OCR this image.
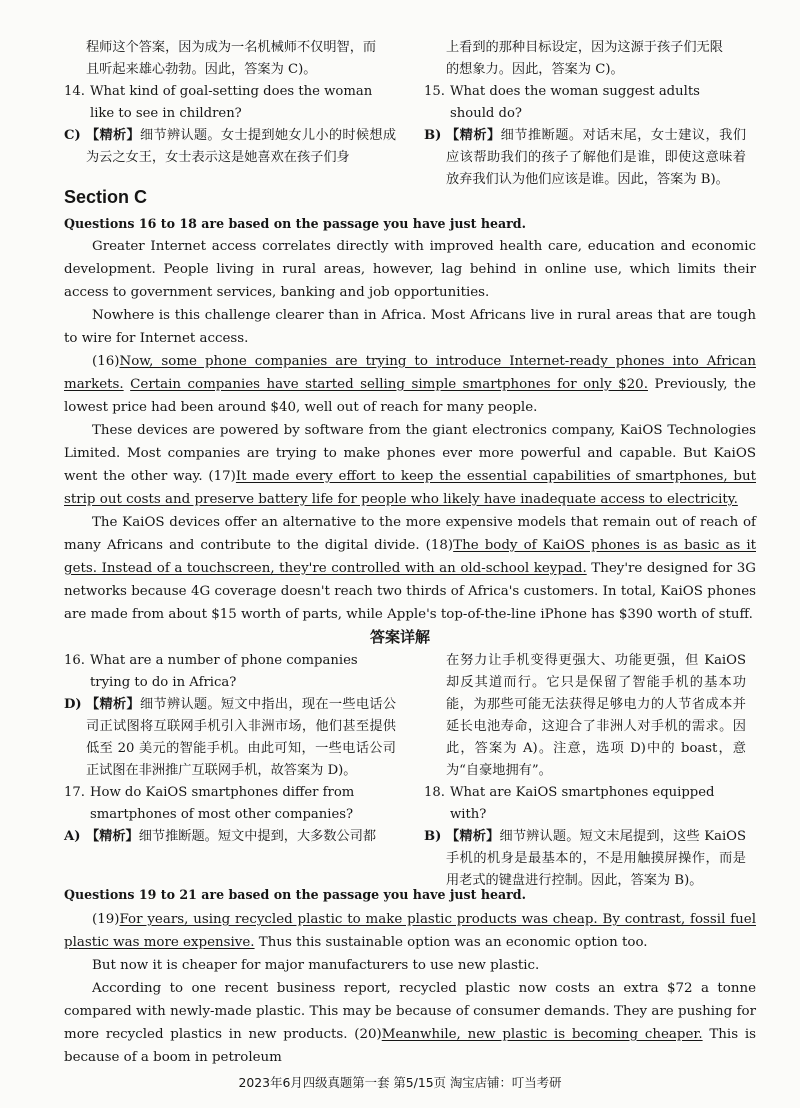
程师这个答案，因为成为一名机械师不仅明智，而

且听起来雄心勃勃。因此，答案为 C)。

14. What kind of goal-setting does the woman like to see in children?
C) 【精析】细节辨认题。女士提到她女儿小的时候想成为云之女王，女士表示这是她喜欢在孩子们身

上看到的那种目标设定，因为这源于孩子们无限

的想象力。因此，答案为 C)。

15. What does the woman suggest adults should do?
B) 【精析】细节推断题。对话末尾，女士建议，我们应该帮助我们的孩子了解他们是谁，即使这意味着放弃我们认为他们应该是谁。因此，答案为 B)。
Section C

Questions 16 to 18 are based on the passage you have just heard.

Greater Internet access correlates directly with improved health care, education and economic development. People living in rural areas, however, lag behind in online use, which limits their access to government services, banking and job opportunities.

Nowhere is this challenge clearer than in Africa. Most Africans live in rural areas that are tough to wire for Internet access.

(16)Now, some phone companies are trying to introduce Internet-ready phones into African markets. Certain companies have started selling simple smartphones for only $20. Previously, the lowest price had been around $40, well out of reach for many people.

These devices are powered by software from the giant electronics company, KaiOS Technologies Limited. Most companies are trying to make phones ever more powerful and capable. But KaiOS went the other way. (17)It made every effort to keep the essential capabilities of smartphones, but strip out costs and preserve battery life for people who likely have inadequate access to electricity.

The KaiOS devices offer an alternative to the more expensive models that remain out of reach of many Africans and contribute to the digital divide. (18)The body of KaiOS phones is as basic as it gets. Instead of a touchscreen, they're controlled with an old-school keypad. They're designed for 3G networks because 4G coverage doesn't reach two thirds of Africa's customers. In total, KaiOS phones are made from about $15 worth of parts, while Apple's top-of-the-line iPhone has $390 worth of stuff.

答案详解
16. What are a number of phone companies trying to do in Africa?
D) 【精析】细节辨认题。短文中指出，现在一些电话公司正试图将互联网手机引入非洲市场，他们甚至提供低至 20 美元的智能手机。由此可知，一些电话公司正试图在非洲推广互联网手机，故答案为 D)。
17. How do KaiOS smartphones differ from smartphones of most other companies?
A) 【精析】细节推断题。短文中提到，大多数公司都

在努力让手机变得更强大、功能更强，但 KaiOS 却反其道而行。它只是保留了智能手机的基本功能，为那些可能无法获得足够电力的人节省成本并延长电池寿命，这迎合了非洲人对手机的需求。因此，答案为 A)。注意，选项 D)中的 boast，意为“自豪地拥有”。

18. What are KaiOS smartphones equipped with?
B) 【精析】细节辨认题。短文末尾提到，这些 KaiOS 手机的机身是最基本的，不是用触摸屏操作，而是用老式的键盘进行控制。因此，答案为 B)。

Questions 19 to 21 are based on the passage you have just heard.

(19)For years, using recycled plastic to make plastic products was cheap. By contrast, fossil fuel plastic was more expensive. Thus this sustainable option was an economic option too.

But now it is cheaper for major manufacturers to use new plastic.

According to one recent business report, recycled plastic now costs an extra $72 a tonne compared with newly-made plastic. This may be because of consumer demands. They are pushing for more recycled plastics in new products. (20)Meanwhile, new plastic is becoming cheaper. This is because of a boom in petroleum

2023年6月四级真题第一套 第5/15页 淘宝店铺：叮当考研
